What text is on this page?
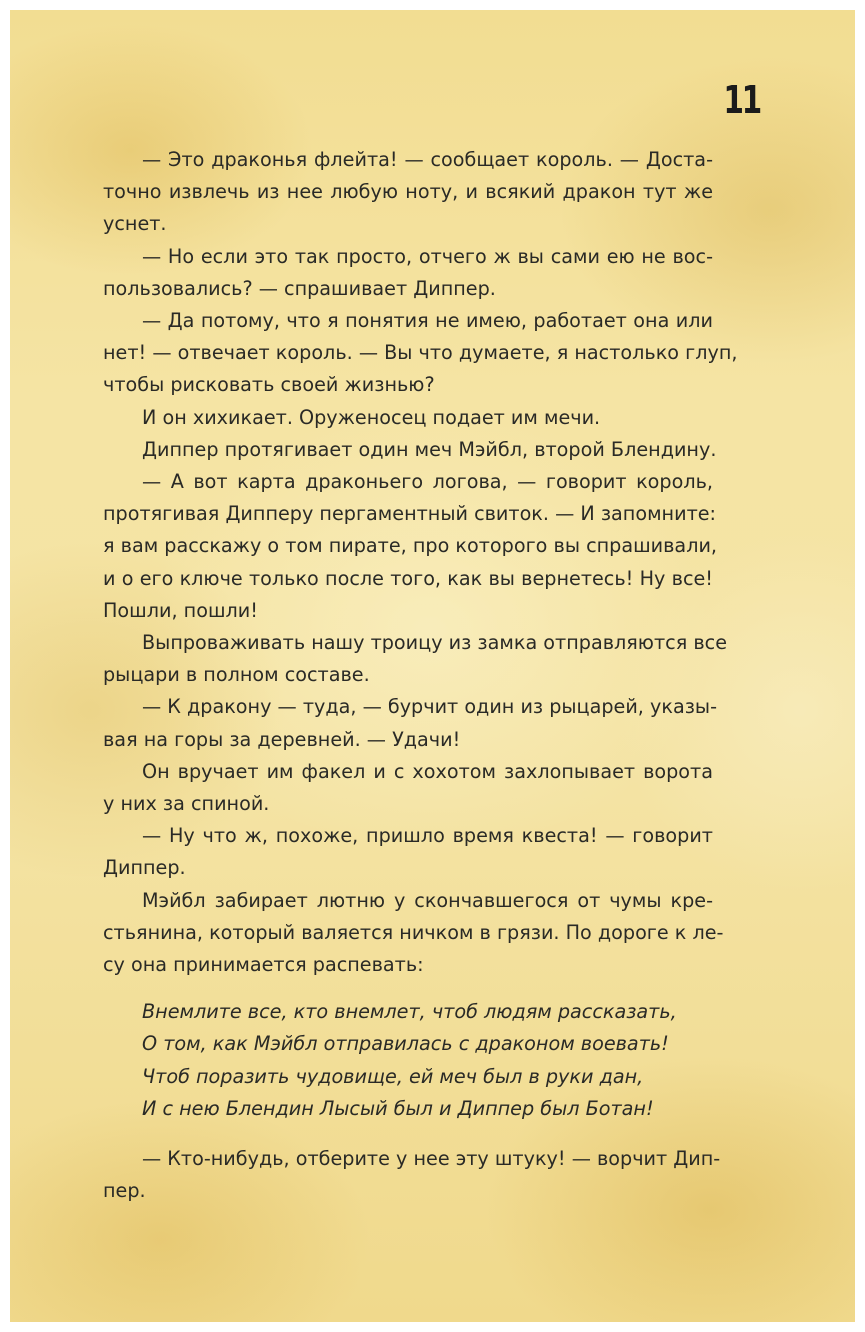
11

— Это драконья флейта! — сообщает король. — Доста-

точно извлечь из нее любую ноту, и всякий дракон тут же

уснет.

— Но если это так просто, отчего ж вы сами ею не вос-

пользовались? — спрашивает Диппер.

— Да потому, что я понятия не имею, работает она или

нет! — отвечает король. — Вы что думаете, я настолько глуп,

чтобы рисковать своей жизнью?

И он хихикает. Оруженосец подает им мечи.

Диппер протягивает один меч Мэйбл, второй Блендину.

— А вот карта драконьего логова, — говорит король,

протягивая Дипперу пергаментный свиток. — И запомните:

я вам расскажу о том пирате, про которого вы спрашивали,

и о его ключе только после того, как вы вернетесь! Ну все!

Пошли, пошли!

Выпроваживать нашу троицу из замка отправляются все

рыцари в полном составе.

— К дракону — туда, — бурчит один из рыцарей, указы-

вая на горы за деревней. — Удачи!

Он вручает им факел и с хохотом захлопывает ворота

у них за спиной.

— Ну что ж, похоже, пришло время квеста! — говорит

Диппер.

Мэйбл забирает лютню у скончавшегося от чумы кре-

стьянина, который валяется ничком в грязи. По дороге к ле-

су она принимается распевать:

Внемлите все, кто внемлет, чтоб людям рассказать,
О том, как Мэйбл отправилась с драконом воевать!
Чтоб поразить чудовище, ей меч был в руки дан,
И с нею Блендин Лысый был и Диппер был Ботан!

— Кто-нибудь, отберите у нее эту штуку! — ворчит Дип-

пер.
